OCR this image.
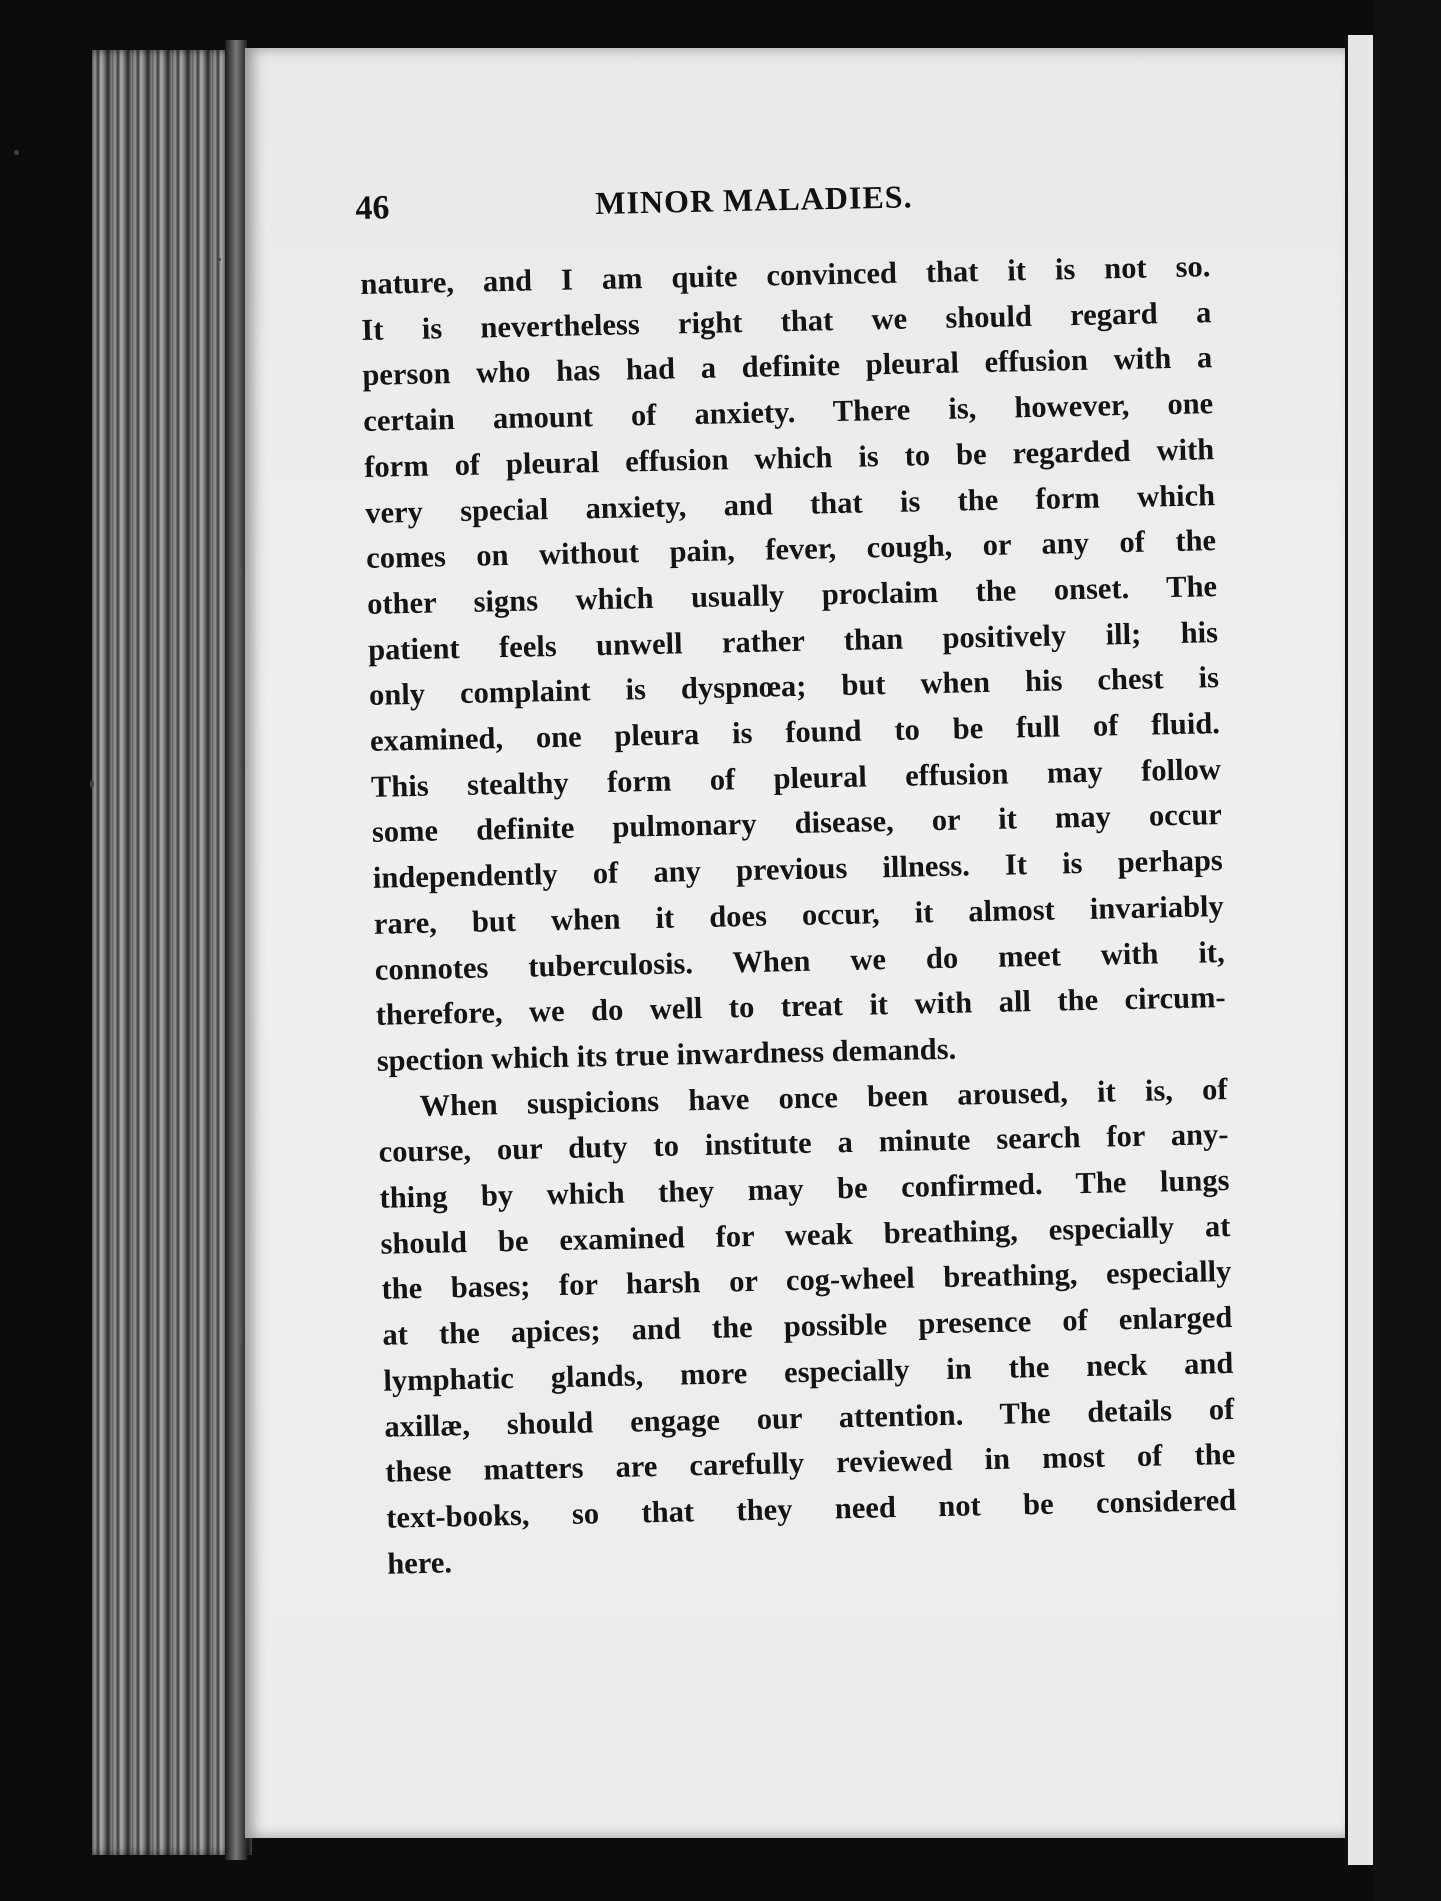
46	MINOR MALADIES.
nature, and I am quite convinced that it is not so.
It is nevertheless right that we should regard a
person who has had a definite pleural effusion with a
certain amount of anxiety. There is, however, one
form of pleural effusion which is to be regarded with
very special anxiety, and that is the form which
comes on without pain, fever, cough, or any of the
other signs which usually proclaim the onset. The
patient feels unwell rather than positively ill; his
only complaint is dyspnœa; but when his chest is
examined, one pleura is found to be full of fluid.
This stealthy form of pleural effusion may follow
some definite pulmonary disease, or it may occur
independently of any previous illness. It is perhaps
rare, but when it does occur, it almost invariably
connotes tuberculosis. When we do meet with it,
therefore, we do well to treat it with all the circum-
spection which its true inwardness demands.
When suspicions have once been aroused, it is, of
course, our duty to institute a minute search for any-
thing by which they may be confirmed. The lungs
should be examined for weak breathing, especially at
the bases; for harsh or cog-wheel breathing, especially
at the apices; and the possible presence of enlarged
lymphatic glands, more especially in the neck and
axillæ, should engage our attention. The details of
these matters are carefully reviewed in most of the
text-books, so that they need not be considered
here.
